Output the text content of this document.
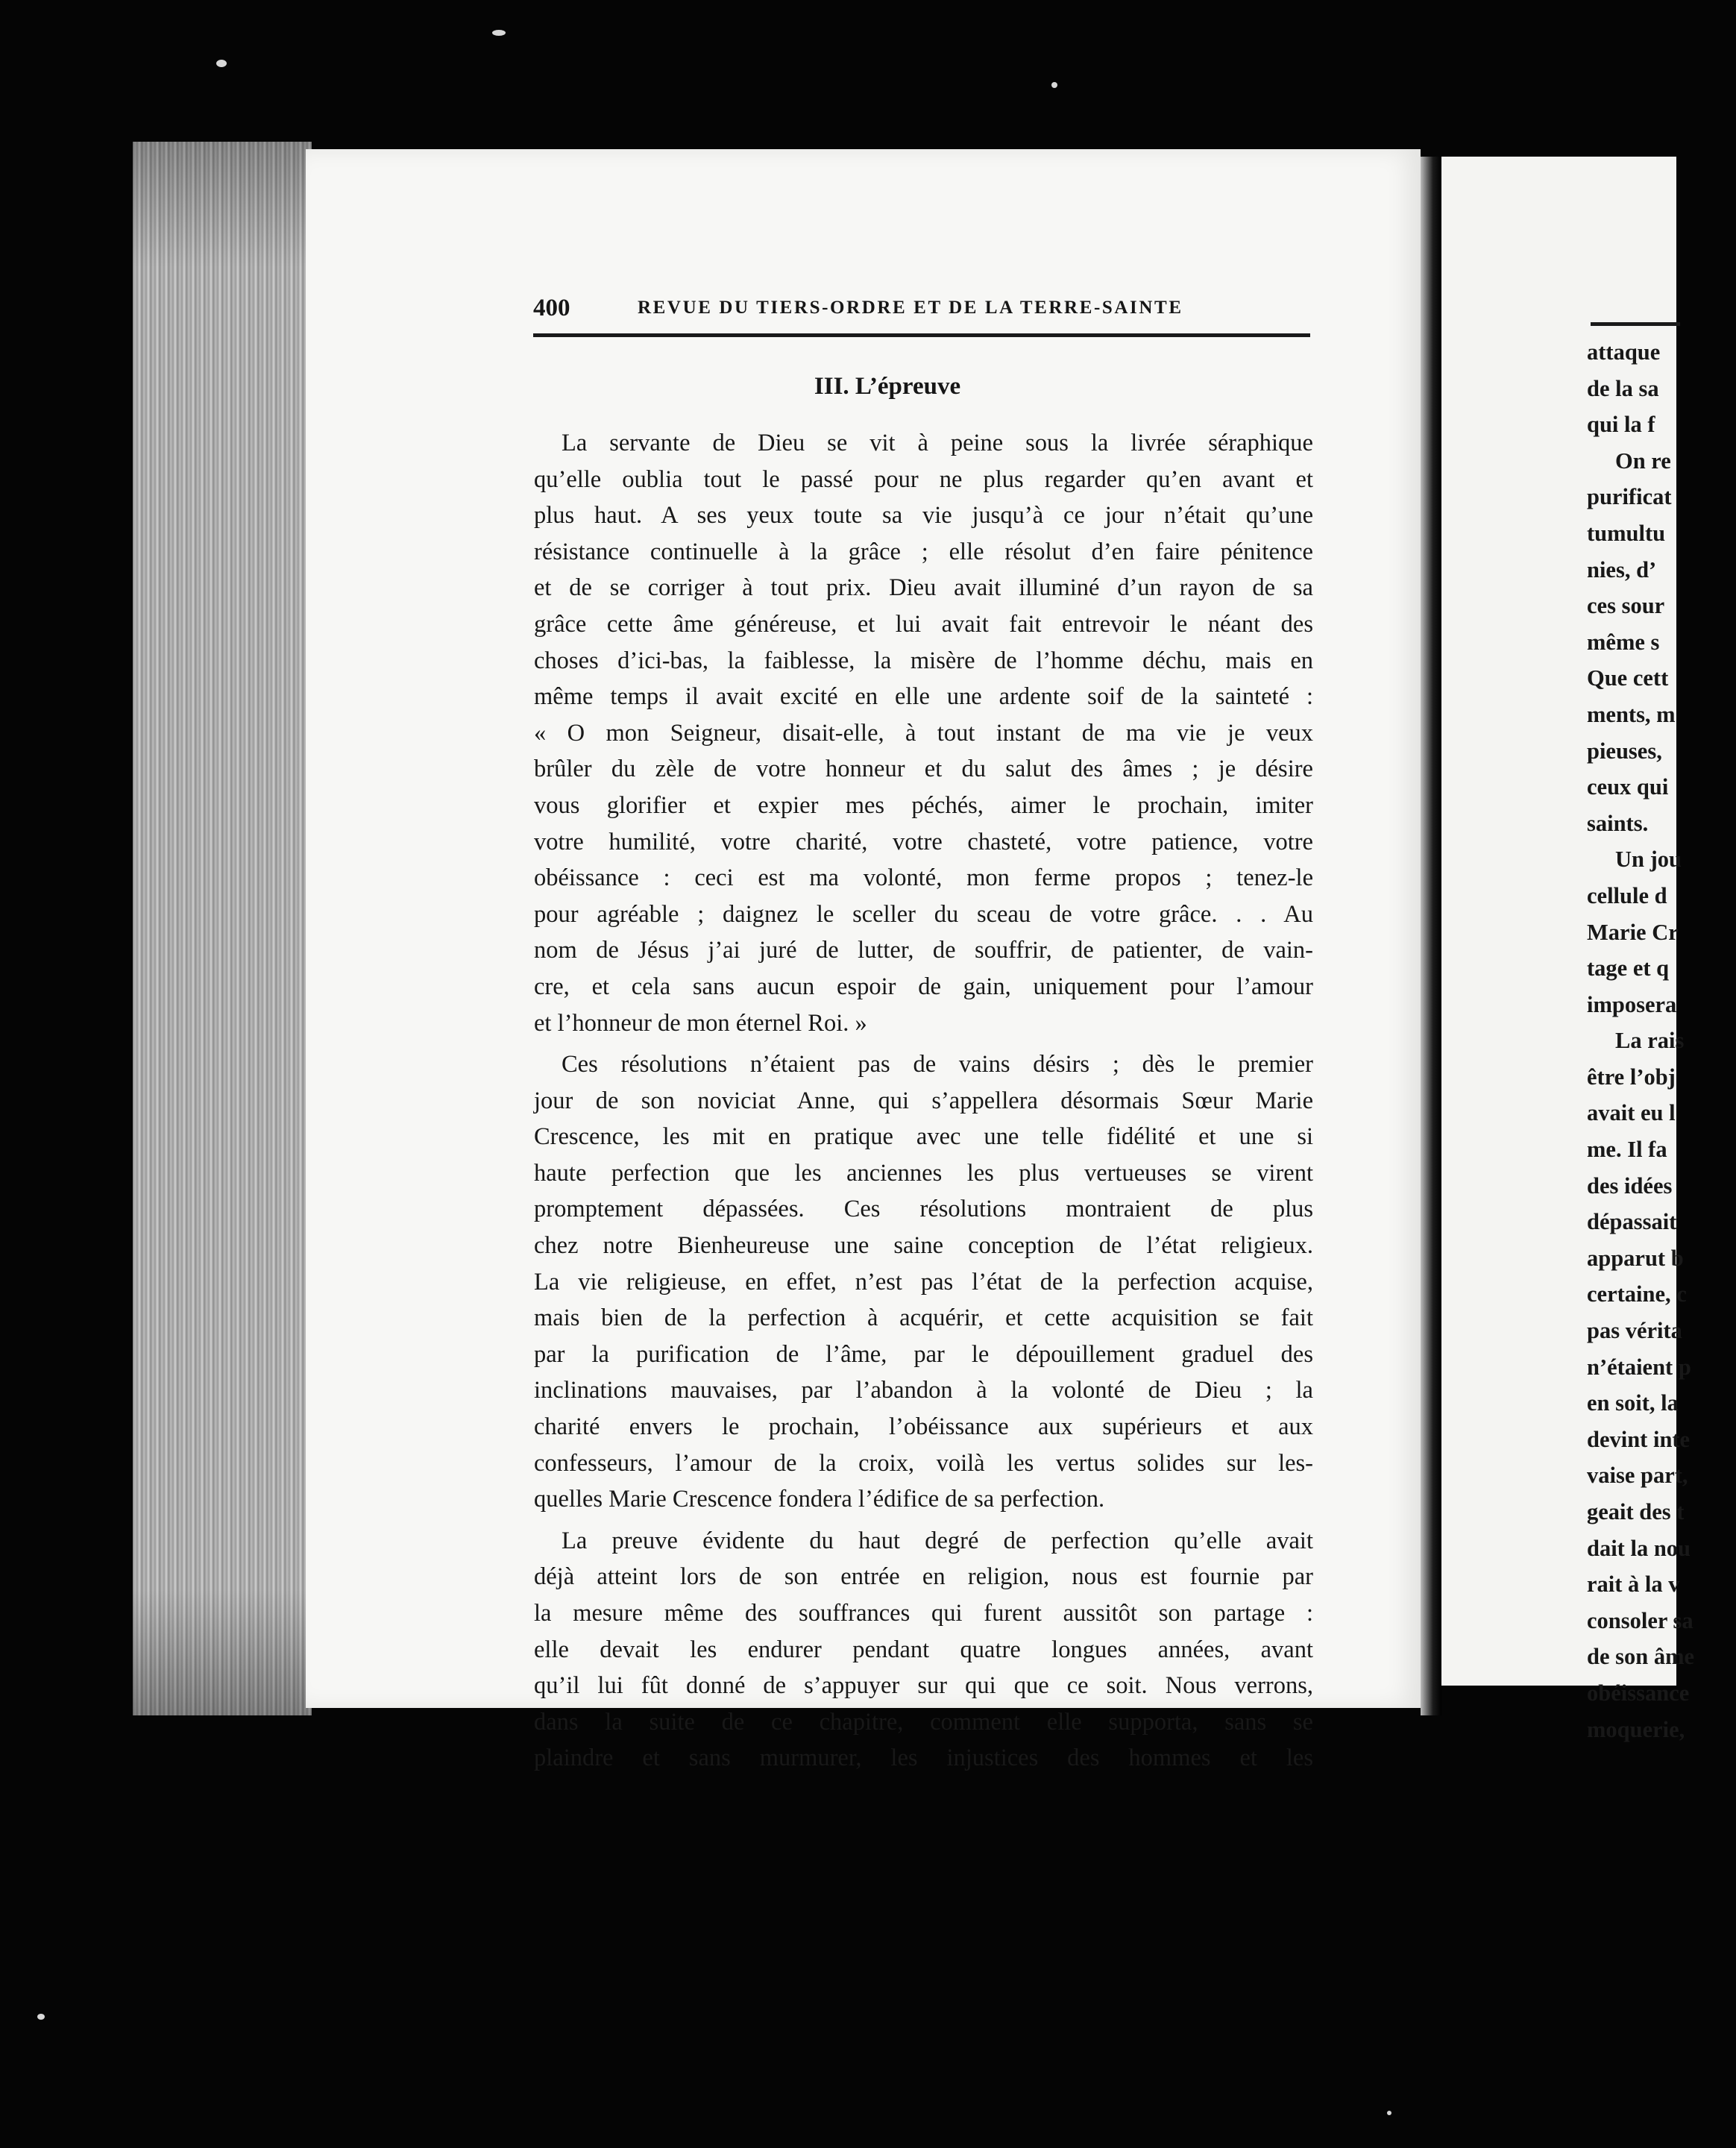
400	REVUE DU TIERS-ORDRE ET DE LA TERRE-SAINTE
III. L’épreuve
La servante de Dieu se vit à peine sous la livrée séraphique
qu’elle oublia tout le passé pour ne plus regarder qu’en avant et
plus haut. A ses yeux toute sa vie jusqu’à ce jour n’était qu’une
résistance continuelle à la grâce ; elle résolut d’en faire pénitence
et de se corriger à tout prix. Dieu avait illuminé d’un rayon de sa
grâce cette âme généreuse, et lui avait fait entrevoir le néant des
choses d’ici-bas, la faiblesse, la misère de l’homme déchu, mais en
même temps il avait excité en elle une ardente soif de la sainteté :
« O mon Seigneur, disait-elle, à tout instant de ma vie je veux
brûler du zèle de votre honneur et du salut des âmes ; je désire
vous glorifier et expier mes péchés, aimer le prochain, imiter
votre humilité, votre charité, votre chasteté, votre patience, votre
obéissance : ceci est ma volonté, mon ferme propos ; tenez-le
pour agréable ; daignez le sceller du sceau de votre grâce. . . Au
nom de Jésus j’ai juré de lutter, de souffrir, de patienter, de vain-
cre, et cela sans aucun espoir de gain, uniquement pour l’amour
et l’honneur de mon éternel Roi. »
Ces résolutions n’étaient pas de vains désirs ; dès le premier
jour de son noviciat Anne, qui s’appellera désormais Sœur Marie
Crescence, les mit en pratique avec une telle fidélité et une si
haute perfection que les anciennes les plus vertueuses se virent
promptement dépassées. Ces résolutions montraient de plus
chez notre Bienheureuse une saine conception de l’état religieux.
La vie religieuse, en effet, n’est pas l’état de la perfection acquise,
mais bien de la perfection à acquérir, et cette acquisition se fait
par la purification de l’âme, par le dépouillement graduel des
inclinations mauvaises, par l’abandon à la volonté de Dieu ; la
charité envers le prochain, l’obéissance aux supérieurs et aux
confesseurs, l’amour de la croix, voilà les vertus solides sur les-
quelles Marie Crescence fondera l’édifice de sa perfection.
La preuve évidente du haut degré de perfection qu’elle avait
déjà atteint lors de son entrée en religion, nous est fournie par
la mesure même des souffrances qui furent aussitôt son partage :
elle devait les endurer pendant quatre longues années, avant
qu’il lui fût donné de s’appuyer sur qui que ce soit. Nous verrons,
dans la suite de ce chapitre, comment elle supporta, sans se
plaindre et sans murmurer, les injustices des hommes et les
attaque
de la sa
qui la f
On re
purificat
tumultu
nies, d’
ces sour
même s
Que cett
ments, m
pieuses,
ceux qui
saints.
Un jou
cellule d
Marie Cr
tage et q
imposera
La rais
être l’obj
avait eu l
me. Il fa
des idées
dépassait
apparut b
certaine, c
pas vérita
n’étaient p
en soit, la
devint inte
vaise part,
geait des t
dait la nou
rait à la v
consoler sa
de son âme
obéissance
moquerie,
